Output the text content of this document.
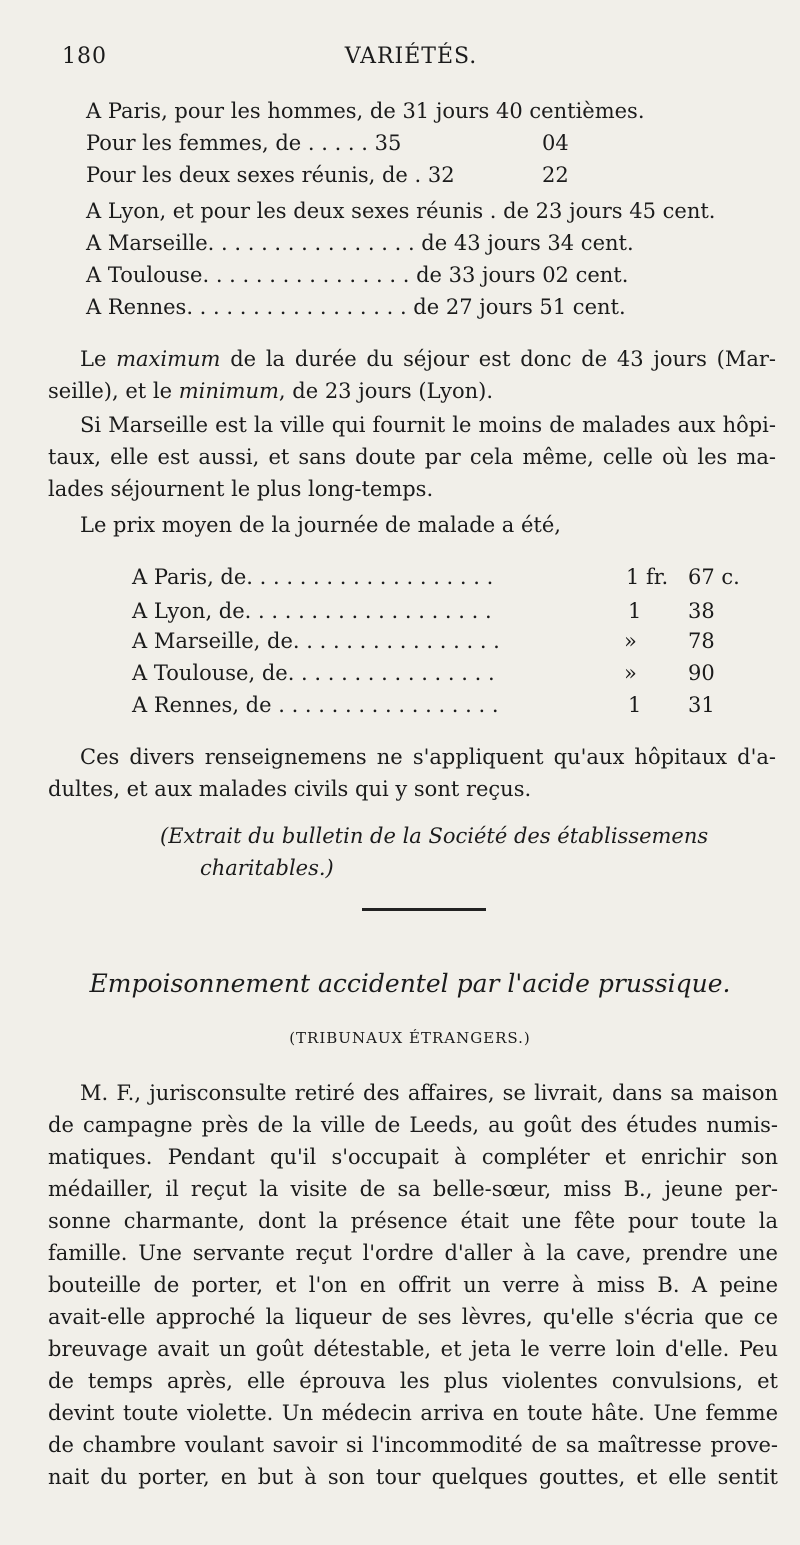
180	VARIÉTÉS.
A Paris, pour les hommes, de 31 jours 40 centièmes.
Pour les femmes, de . . . . . 35	04
Pour les deux sexes réunis, de . 32	22
A Lyon, et pour les deux sexes réunis . de 23 jours 45 cent.
A Marseille. . . . . . . . . . . . . . . . de 43 jours 34 cent.
A Toulouse. . . . . . . . . . . . . . . . de 33 jours 02 cent.
A Rennes. . . . . . . . . . . . . . . . . de 27 jours 51 cent.
Le maximum de la durée du séjour est donc de 43 jours (Mar-
seille), et le minimum, de 23 jours (Lyon).
Si Marseille est la ville qui fournit le moins de malades aux hôpi-
taux, elle est aussi, et sans doute par cela même, celle où les ma-
lades séjournent le plus long-temps.
Le prix moyen de la journée de malade a été,
A Paris, de. . . . . . . . . . . . . . . . . . .	1 fr. 67 c.
A Lyon, de. . . . . . . . . . . . . . . . . . .	1 38
A Marseille, de. . . . . . . . . . . . . . . .	» 78
A Toulouse, de. . . . . . . . . . . . . . . .	» 90
A Rennes, de . . . . . . . . . . . . . . . . .	1 31
Ces divers renseignemens ne s'appliquent qu'aux hôpitaux d'a-
dultes, et aux malades civils qui y sont reçus.
(Extrait du bulletin de la Société des établissemens
charitables.)
Empoisonnement accidentel par l'acide prussique.
(TRIBUNAUX ÉTRANGERS.)
M. F., jurisconsulte retiré des affaires, se livrait, dans sa maison
de campagne près de la ville de Leeds, au goût des études numis-
matiques. Pendant qu'il s'occupait à compléter et enrichir son
médailler, il reçut la visite de sa belle-sœur, miss B., jeune per-
sonne charmante, dont la présence était une fête pour toute la
famille. Une servante reçut l'ordre d'aller à la cave, prendre une
bouteille de porter, et l'on en offrit un verre à miss B. A peine
avait-elle approché la liqueur de ses lèvres, qu'elle s'écria que ce
breuvage avait un goût détestable, et jeta le verre loin d'elle. Peu
de temps après, elle éprouva les plus violentes convulsions, et
devint toute violette. Un médecin arriva en toute hâte. Une femme
de chambre voulant savoir si l'incommodité de sa maîtresse prove-
nait du porter, en but à son tour quelques gouttes, et elle sentit
